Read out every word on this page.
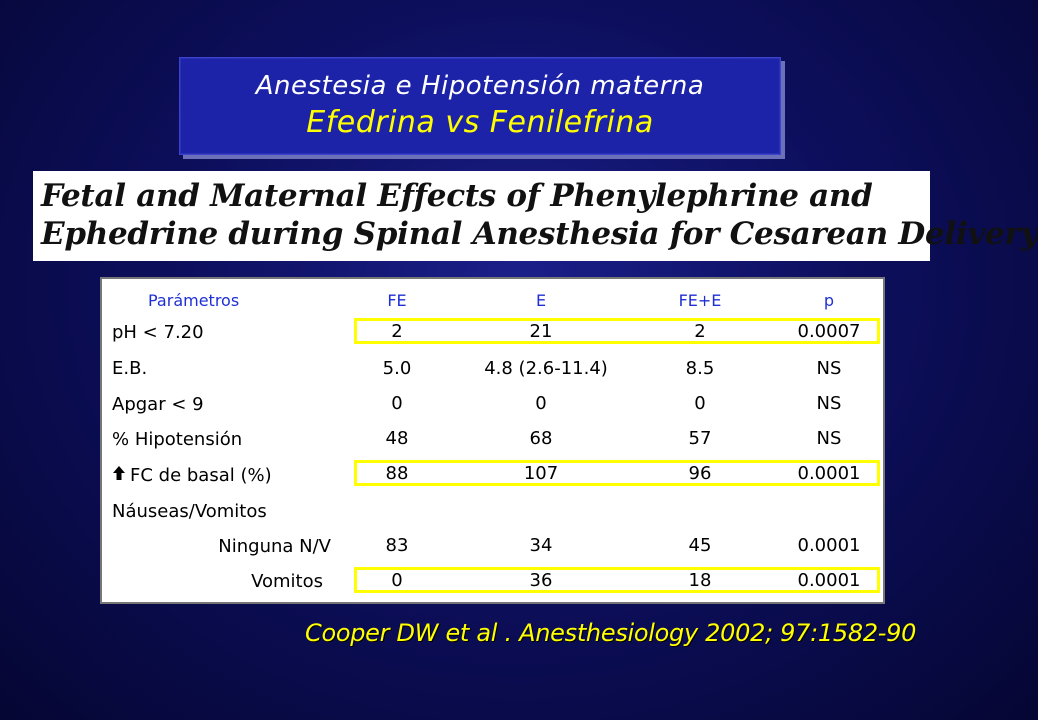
Anestesia e Hipotensión materna
Efedrina vs Fenilefrina
Fetal and Maternal Effects of Phenylephrine and
Ephedrine during Spinal Anesthesia for Cesarean Delivery
Parámetros	FE	E	FE+E	p
pH < 7.20	2	21	2	0.0007
E.B.	5.0	4.8 (2.6-11.4)	8.5	NS
Apgar < 9	0	0	0	NS
% Hipotensión	48	68	57	NS
FC de basal (%)	88	107	96	0.0001
Náuseas/Vomitos
Ninguna N/V	83	34	45	0.0001
Vomitos	0	36	18	0.0001
Cooper DW et al . Anesthesiology 2002; 97:1582-90
